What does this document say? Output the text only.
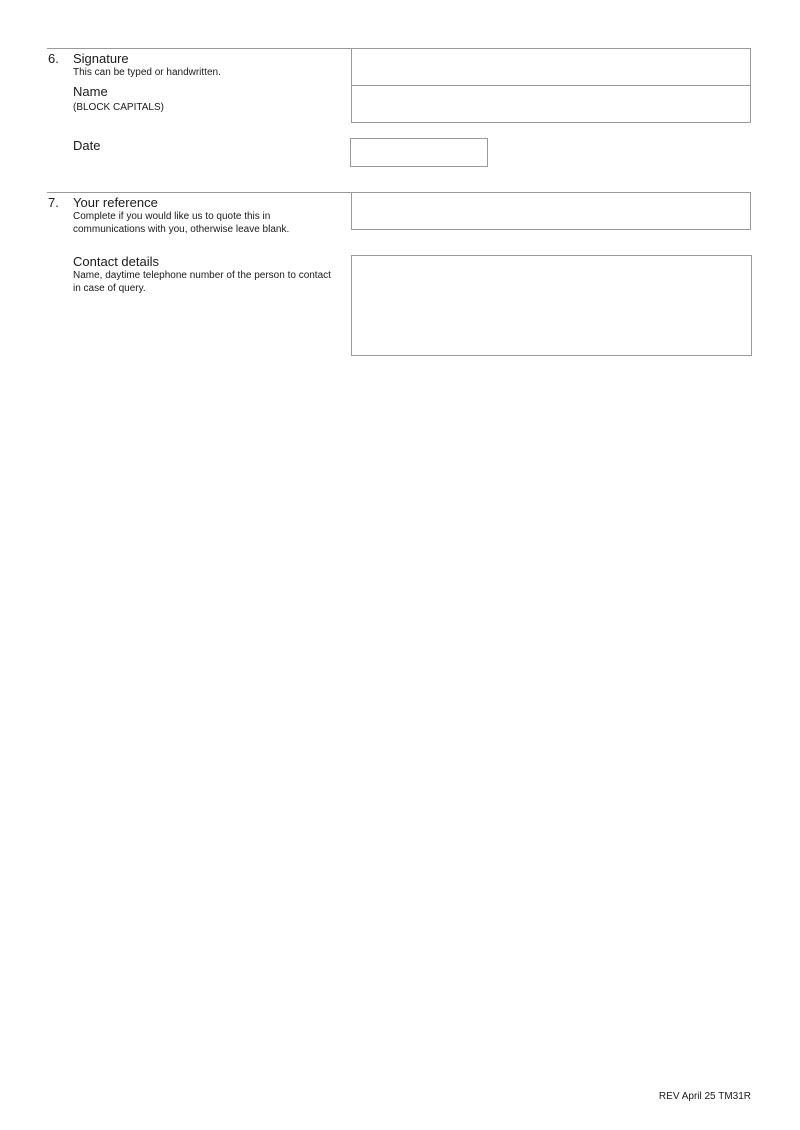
6. Signature
This can be typed or handwritten.
Name
(BLOCK CAPITALS)
Date
7. Your reference
Complete if you would like us to quote this in communications with you, otherwise leave blank.
Contact details
Name, daytime telephone number of the person to contact in case of query.
REV April 25 TM31R
